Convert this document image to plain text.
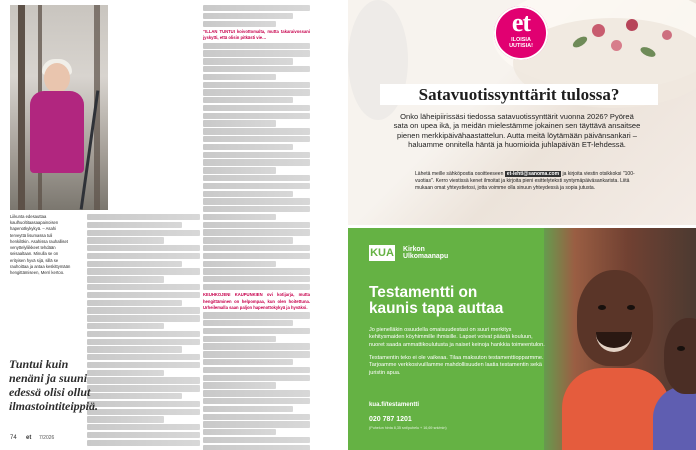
Liikunta edesauttaa kaulhuoltitaasaapainoisen hapenotkykykyä. – Asahi terveyttä lisumassa tuli henkilökin. Asahissa rauhalliset venyttelyliikkeet tehdään seisaaltaan. Minulla se on erityisen hyvä sijä, sillä se rauhoittaa ja antaa keskittymään hengittämiseen, Merri kertoo.
“ILLAN TUNTUI koivottomalta, mutta takaraivossani jyskytti, että olisin pitkästi vie…
KEUHKOJENI KAUPUNKIEN ovi kotijarja, mutta hengittäminen on helpompaa, kun olen hoitettuna. Urheilemalla saan paljon hapenottokykyä ja hyväksi.
Tuntui kuin nenäni ja suuni edessä olisi ollut ilmastointiteippiä.
74 et 7/2026
et
ILOISIA
UUTISIA!
Satavuotissynttärit tulossa?
Onko läheipiirissäsi tiedossa satavuotissynttärit vuonna 2026? Pyöreä sata on upea ikä, ja meidän mielestämme jokainen sen täyttävä ansaitsee pienen merkkipäivähaastattelun. Autta meitä löytämään päivänsankari – haluamme onnitella häntä ja huomioida juhlapäivän ET-lehdessä.
Lähetä meille sähköpostia osoitteeseen et-lehti@sanoma.com ja kirjoita viestin otsikkoksi "100-vuotias". Kerro viestissä kenet ilmoitat ja kirjoita pieni esittelyteksti syntymäpäiväsankarista. Liitä mukaan omat yhteystietosi, jotta voimme olla sinuun yhteydessä ja sopia jutusta.
KUA Kirkon
Ulkomaanapu
Testamentti on
kaunis tapa auttaa

Jo pienelläkin osuudella omaisuudestasi on suuri merkitys kehitysmaiden köyhimmille ihmisille. Lapset voivat päästä kouluun, nuoret saada ammattikoulutusta ja naiset keinoja hankkia toimeentulon.

Testamentin teko ei ole vaikeaa. Tilaa maksuton testamenttiopparmme. Tarjoamme verkkosivuillamme mahdollisuuden laatia testamentin sekä juristin apua.

kua.fi/testamentti
020 787 1201
(Puhelun hinta 8,35 snt/puhelu + 16,69 snt/min)
